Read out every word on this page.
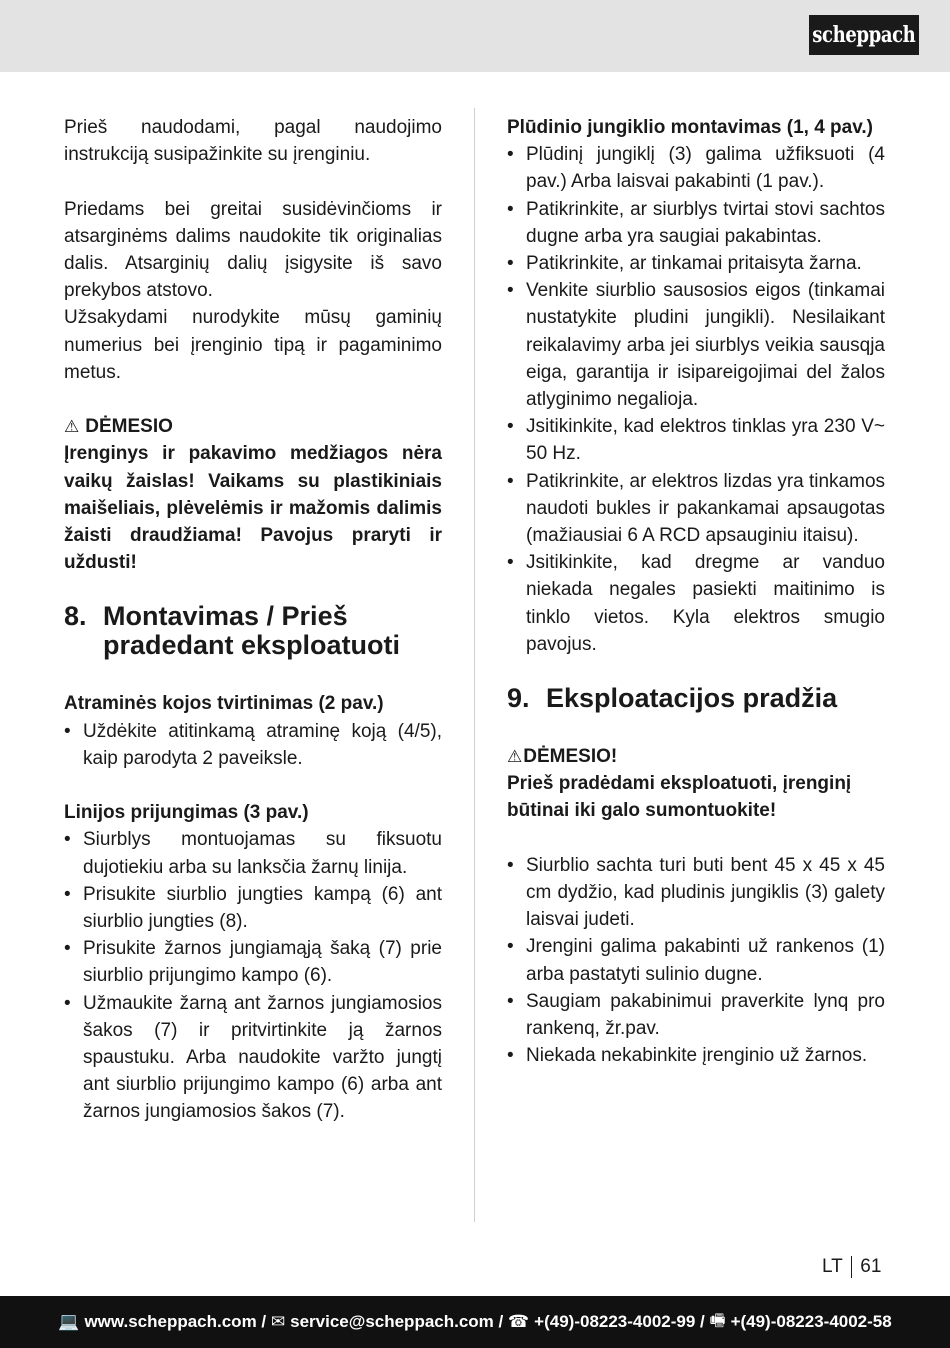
scheppach

Prieš naudodami, pagal naudojimo instrukciją susipažinkite su įrenginiu.

Priedams bei greitai susidėvinčioms ir atsarginėms dalims naudokite tik originalias dalis. Atsarginių dalių įsigysite iš savo prekybos atstovo.

Užsakydami nurodykite mūsų gaminių numerius bei įrenginio tipą ir pagaminimo metus.

⚠ DĖMESIO

Įrenginys ir pakavimo medžiagos nėra vaikų žaislas! Vaikams su plastikiniais maišeliais, plėvelėmis ir mažomis dalimis žaisti draudžiama! Pavojus praryti ir uždusti!

8. Montavimas / Prieš pradedant eksploatuoti

Atraminės kojos tvirtinimas (2 pav.)

• Uždėkite atitinkamą atraminę koją (4/5), kaip parodyta 2 paveiksle.

Linijos prijungimas (3 pav.)

• Siurblys montuojamas su fiksuotu dujotiekiu arba su lanksčia žarnų linija.
• Prisukite siurblio jungties kampą (6) ant siurblio jungties (8).
• Prisukite žarnos jungiamąją šaką (7) prie siurblio prijungimo kampo (6).
• Užmaukite žarną ant žarnos jungiamosios šakos (7) ir pritvirtinkite ją žarnos spaustuku. Arba naudokite varžto jungtį ant siurblio prijungimo kampo (6) arba ant žarnos jungiamosios šakos (7).

Plūdinio jungiklio montavimas (1, 4 pav.)

• Plūdinį jungiklį (3) galima užfiksuoti (4 pav.) Arba laisvai pakabinti (1 pav.).
• Patikrinkite, ar siurblys tvirtai stovi sachtos dugne arba yra saugiai pakabintas.
• Patikrinkite, ar tinkamai pritaisyta žarna.
• Venkite siurblio sausosios eigos (tinkamai nustatykite pludini jungikli). Nesilaikant reikalavimy arba jei siurblys veikia sausqja eiga, garantija ir isipareigojimai del žalos atlyginimo negalioja.
• Jsitikinkite, kad elektros tinklas yra 230 V~ 50 Hz.
• Patikrinkite, ar elektros lizdas yra tinkamos naudoti bukles ir pakankamai apsaugotas (mažiausiai 6 A RCD apsauginiu itaisu).
• Jsitikinkite, kad dregme ar vanduo niekada negales pasiekti maitinimo is tinklo vietos. Kyla elektros smugio pavojus.
9. Eksploatacijos pradžia

⚠ DĖMESIO!

Prieš pradėdami eksploatuoti, įrenginį būtinai iki galo sumontuokite!

• Siurblio sachta turi buti bent 45 x 45 x 45 cm dydžio, kad pludinis jungiklis (3) galety laisvai judeti.
• Jrengini galima pakabinti už rankenos (1) arba pastatyti sulinio dugne.
• Saugiam pakabinimui praverkite lynq pro rankenq, žr.pav.
• Niekada nekabinkite įrenginio už žarnos.
LT 61
💻 www.scheppach.com /
✉ service@scheppach.com /
☎ +(49)-08223-4002-99 /
🖷 +(49)-08223-4002-58
